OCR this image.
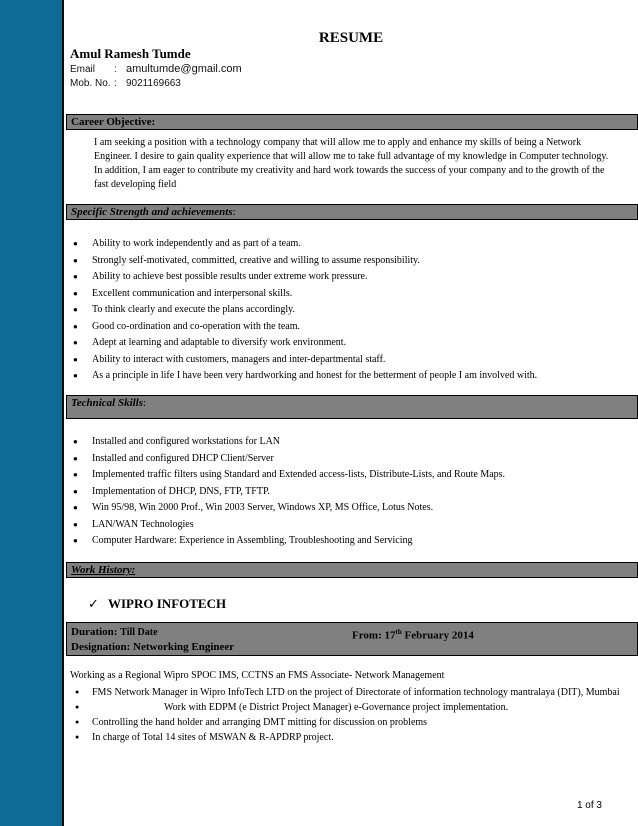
RESUME
Amul Ramesh Tumde
Email : amultumde@gmail.com
Mob. No. : 9021169663
Career Objective:
I am seeking a position with a technology company that will allow me to apply and enhance my skills of being a Network Engineer. I desire to gain quality experience that will allow me to take full advantage of my knowledge in Computer technology. In addition, I am eager to contribute my creativity and hard work towards the success of your company and to the growth of the fast developing field
Specific Strength and achievements:
● Ability to work independently and as part of a team.
● Strongly self-motivated, committed, creative and willing to assume responsibility.
● Ability to achieve best possible results under extreme work pressure.
● Excellent communication and interpersonal skills.
● To think clearly and execute the plans accordingly.
● Good co-ordination and co-operation with the team.
● Adept at learning and adaptable to diversify work environment.
● Ability to interact with customers, managers and inter-departmental staff.
● As a principle in life I have been very hardworking and honest for the betterment of people I am involved with.
Technical Skills:
● Installed and configured workstations for LAN
● Installed and configured DHCP Client/Server
● Implemented traffic filters using Standard and Extended access-lists, Distribute-Lists, and Route Maps.
● Implementation of DHCP, DNS, FTP, TFTP.
● Win 95/98, Win 2000 Prof., Win 2003 Server, Windows XP, MS Office, Lotus Notes.
● LAN/WAN Technologies
● Computer Hardware: Experience in Assembling, Troubleshooting and Servicing
Work History:
✓ WIPRO INFOTECH
Duration: Till Date	From: 17th February 2014
Designation: Networking Engineer
Working as a Regional Wipro SPOC IMS, CCTNS an FMS Associate- Network Management
● FMS Network Manager in Wipro InfoTech LTD on the project of Directorate of information technology mantralaya (DIT), Mumbai
● Work with EDPM (e District Project Manager) e-Governance project implementation.
● Controlling the hand holder and arranging DMT mitting for discussion on problems
● In charge of Total 14 sites of MSWAN & R-APDRP project.
1 of 3
